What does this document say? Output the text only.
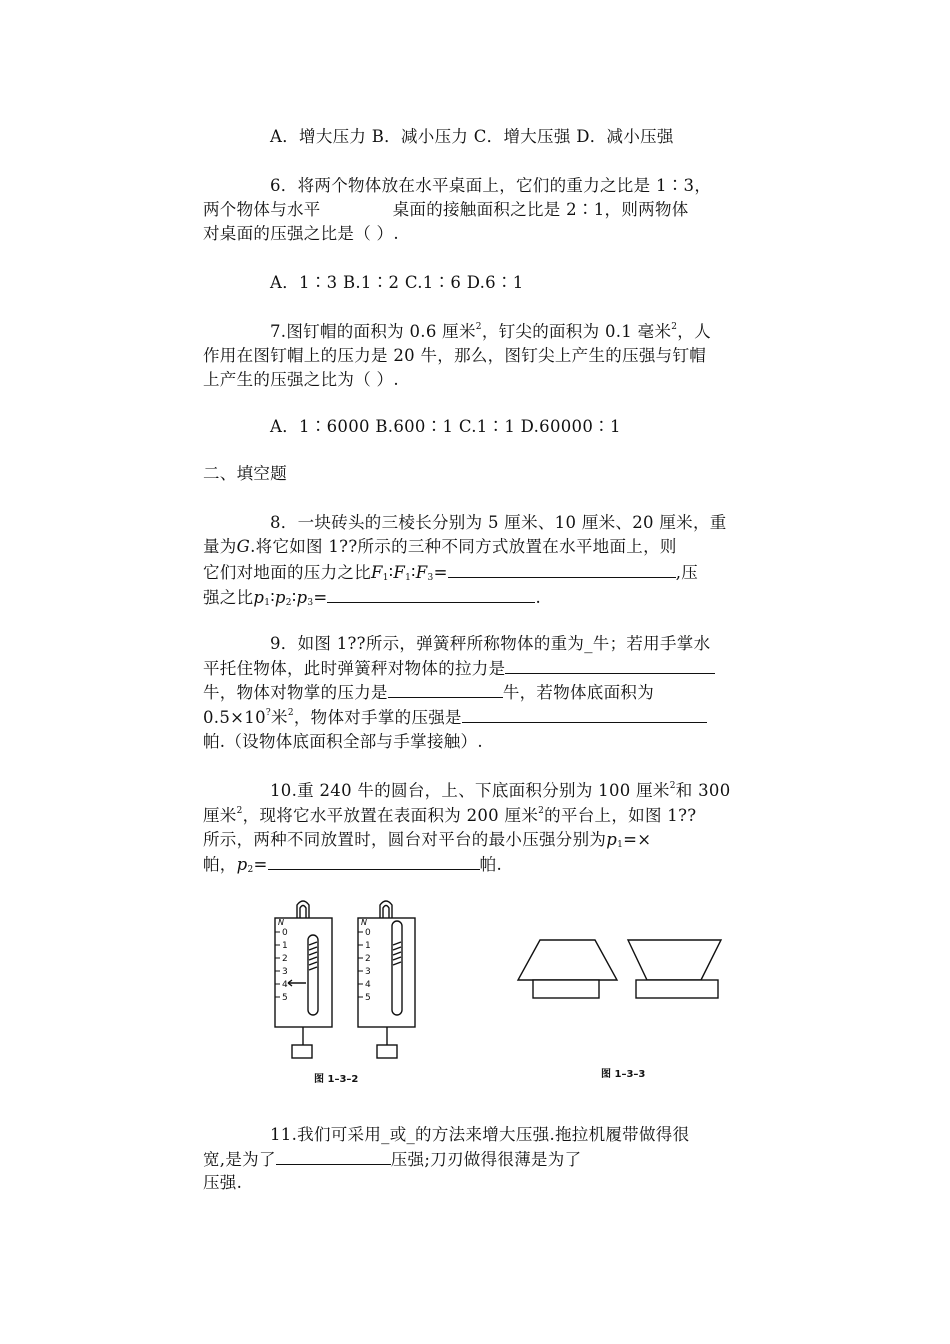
A．增大压力 B．减小压力 C．增大压强 D．减小压强
6．将两个物体放在水平桌面上，它们的重力之比是 1∶3，
两个物体与水平	桌面的接触面积之比是 2∶1，则两物体
对桌面的压强之比是（ ）.
A．1∶3 B.1∶2 C.1∶6 D.6∶1
7.图钉帽的面积为 0.6 厘米$^2$，钉尖的面积为 0.1 毫米$^2$，人
作用在图钉帽上的压力是 20 牛，那么，图钉尖上产生的压强与钉帽
上产生的压强之比为（ ）.
A．1∶6000 B.600∶1 C.1∶1 D.60000∶1
二、填空题
8．一块砖头的三棱长分别为 5 厘米、10 厘米、20 厘米，重
量为G.将它如图 1??所示的三种不同方式放置在水平地面上，则
它们对地面的压力之比$F_1∶F_1∶F_3=$	,压
强之比$p_1∶p_2∶p_3=$	.
9．如图 1??所示，弹簧秤所称物体的重为_牛；若用手掌水
平托住物体，此时弹簧秤对物体的拉力是
牛，物体对物掌的压力是	牛，若物体底面积为
0.5×10?米$^2$，物体对手掌的压强是
帕.（设物体底面积全部与手掌接触）.
10.重 240 牛的圆台，上、下底面积分别为 100 厘米$^2$和 300
厘米$^2$，现将它水平放置在表面积为 200 厘米$^2$的平台上，如图 1??
所示，两种不同放置时，圆台对平台的最小压强分别为$p_1=\times$
帕，$p_2=$	帕.
0
1
2
3
4
5
0
1
2
3
4
5
N	N
图 1–3–2	图 1–3–3
11.我们可采用_或_的方法来增大压强.拖拉机履带做得很
宽,是为了	压强;刀刃做得很薄是为了
压强.
